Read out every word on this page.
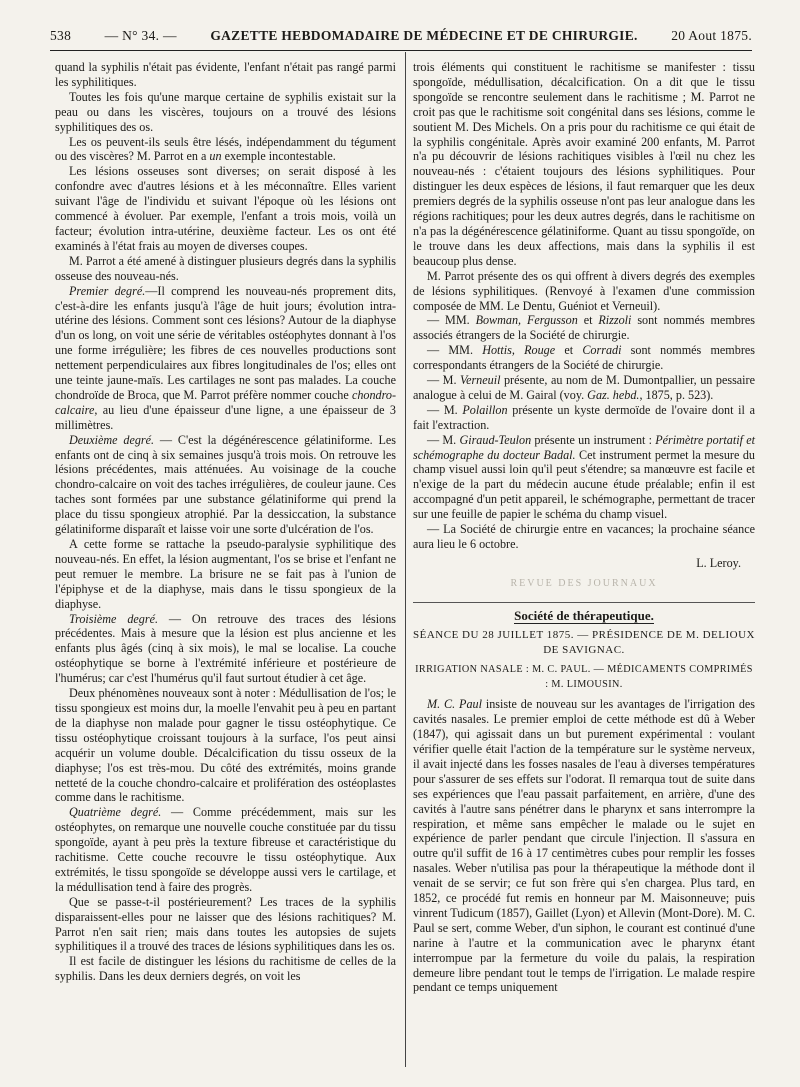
538 — N° 34. — GAZETTE HEBDOMADAIRE DE MÉDECINE ET DE CHIRURGIE. 20 Aout 1875.

quand la syphilis n'était pas évidente, l'enfant n'était pas rangé parmi les syphilitiques.

Toutes les fois qu'une marque certaine de syphilis existait sur la peau ou dans les viscères, toujours on a trouvé des lésions syphilitiques des os.

Les os peuvent-ils seuls être lésés, indépendamment du tégument ou des viscères? M. Parrot en a un exemple incontestable.

Les lésions osseuses sont diverses; on serait disposé à les confondre avec d'autres lésions et à les méconnaître. Elles varient suivant l'âge de l'individu et suivant l'époque où les lésions ont commencé à évoluer. Par exemple, l'enfant a trois mois, voilà un facteur; évolution intra-utérine, deuxième facteur. Les os ont été examinés à l'état frais au moyen de diverses coupes.

M. Parrot a été amené à distinguer plusieurs degrés dans la syphilis osseuse des nouveau-nés.

Premier degré.—Il comprend les nouveau-nés proprement dits, c'est-à-dire les enfants jusqu'à l'âge de huit jours; évolution intra-utérine des lésions. Comment sont ces lésions? Autour de la diaphyse d'un os long, on voit une série de véritables ostéophytes donnant à l'os une forme irrégulière; les fibres de ces nouvelles productions sont nettement perpendiculaires aux fibres longitudinales de l'os; elles ont une teinte jaune-maïs. Les cartilages ne sont pas malades. La couche chondroïde de Broca, que M. Parrot préfère nommer couche chondro-calcaire, au lieu d'une épaisseur d'une ligne, a une épaisseur de 3 millimètres.

Deuxième degré. — C'est la dégénérescence gélatiniforme. Les enfants ont de cinq à six semaines jusqu'à trois mois. On retrouve les lésions précédentes, mais atténuées. Au voisinage de la couche chondro-calcaire on voit des taches irrégulières, de couleur jaune. Ces taches sont formées par une substance gélatiniforme qui prend la place du tissu spongieux atrophié. Par la dessiccation, la substance gélatiniforme disparaît et laisse voir une sorte d'ulcération de l'os.

A cette forme se rattache la pseudo-paralysie syphilitique des nouveau-nés. En effet, la lésion augmentant, l'os se brise et l'enfant ne peut remuer le membre. La brisure ne se fait pas à l'union de l'épiphyse et de la diaphyse, mais dans le tissu spongieux de la diaphyse.

Troisième degré. — On retrouve des traces des lésions précédentes. Mais à mesure que la lésion est plus ancienne et les enfants plus âgés (cinq à six mois), le mal se localise. La couche ostéophytique se borne à l'extrémité inférieure et postérieure de l'humérus; car c'est l'humérus qu'il faut surtout étudier à cet âge.

Deux phénomènes nouveaux sont à noter : Médullisation de l'os; le tissu spongieux est moins dur, la moelle l'envahit peu à peu en partant de la diaphyse non malade pour gagner le tissu ostéophytique. Ce tissu ostéophytique croissant toujours à la surface, l'os peut ainsi acquérir un volume double. Décalcification du tissu osseux de la diaphyse; l'os est très-mou. Du côté des extrémités, moins grande netteté de la couche chondro-calcaire et prolifération des ostéoplastes comme dans le rachitisme.

Quatrième degré. — Comme précédemment, mais sur les ostéophytes, on remarque une nouvelle couche constituée par du tissu spongoïde, ayant à peu près la texture fibreuse et caractéristique du rachitisme. Cette couche recouvre le tissu ostéophytique. Aux extrémités, le tissu spongoïde se développe aussi vers le cartilage, et la médullisation tend à faire des progrès.

Que se passe-t-il postérieurement? Les traces de la syphilis disparaissent-elles pour ne laisser que des lésions rachitiques? M. Parrot n'en sait rien; mais dans toutes les autopsies de sujets syphilitiques il a trouvé des traces de lésions syphilitiques dans les os.

Il est facile de distinguer les lésions du rachitisme de celles de la syphilis. Dans les deux derniers degrés, on voit les

trois éléments qui constituent le rachitisme se manifester : tissu spongoïde, médullisation, décalcification. On a dit que le tissu spongoïde se rencontre seulement dans le rachitisme ; M. Parrot ne croit pas que le rachitisme soit congénital dans ses lésions, comme le soutient M. Des Michels. On a pris pour du rachitisme ce qui était de la syphilis congénitale. Après avoir examiné 200 enfants, M. Parrot n'a pu découvrir de lésions rachitiques visibles à l'œil nu chez les nouveau-nés : c'étaient toujours des lésions syphilitiques. Pour distinguer les deux espèces de lésions, il faut remarquer que les deux premiers degrés de la syphilis osseuse n'ont pas leur analogue dans les régions rachitiques; pour les deux autres degrés, dans le rachitisme on n'a pas la dégénérescence gélatiniforme. Quant au tissu spongoïde, on le trouve dans les deux affections, mais dans la syphilis il est beaucoup plus dense.

M. Parrot présente des os qui offrent à divers degrés des exemples de lésions syphilitiques. (Renvoyé à l'examen d'une commission composée de MM. Le Dentu, Guéniot et Verneuil).

— MM. Bowman, Fergusson et Rizzoli sont nommés membres associés étrangers de la Société de chirurgie.

— MM. Hottis, Rouge et Corradi sont nommés membres correspondants étrangers de la Société de chirurgie.

— M. Verneuil présente, au nom de M. Dumontpallier, un pessaire analogue à celui de M. Gairal (voy. Gaz. hebd., 1875, p. 523).

— M. Polaillon présente un kyste dermoïde de l'ovaire dont il a fait l'extraction.

— M. Giraud-Teulon présente un instrument : Périmètre portatif et schémographe du docteur Badal. Cet instrument permet la mesure du champ visuel aussi loin qu'il peut s'étendre; sa manœuvre est facile et n'exige de la part du médecin aucune étude préalable; enfin il est accompagné d'un petit appareil, le schémographe, permettant de tracer sur une feuille de papier le schéma du champ visuel.

— La Société de chirurgie entre en vacances; la prochaine séance aura lieu le 6 octobre.

L. Leroy.

REVUE DES JOURNAUX
Société de thérapeutique.
SÉANCE DU 28 JUILLET 1875. — PRÉSIDENCE DE M. DELIOUX DE SAVIGNAC.
IRRIGATION NASALE : M. C. PAUL. — MÉDICAMENTS COMPRIMÉS : M. LIMOUSIN.

M. C. Paul insiste de nouveau sur les avantages de l'irrigation des cavités nasales. Le premier emploi de cette méthode est dû à Weber (1847), qui agissait dans un but purement expérimental : voulant vérifier quelle était l'action de la température sur le système nerveux, il avait injecté dans les fosses nasales de l'eau à diverses températures pour s'assurer de ses effets sur l'odorat. Il remarqua tout de suite dans ses expériences que l'eau passait parfaitement, en arrière, d'une des cavités à l'autre sans pénétrer dans le pharynx et sans interrompre la respiration, et même sans empêcher le malade ou le sujet en expérience de parler pendant que circule l'injection. Il s'assura en outre qu'il suffit de 16 à 17 centimètres cubes pour remplir les fosses nasales. Weber n'utilisa pas pour la thérapeutique la méthode dont il venait de se servir; ce fut son frère qui s'en chargea. Plus tard, en 1852, ce procédé fut remis en honneur par M. Maisonneuve; puis vinrent Tudicum (1857), Gaillet (Lyon) et Allevin (Mont-Dore). M. C. Paul se sert, comme Weber, d'un siphon, le courant est continué d'une narine à l'autre et la communication avec le pharynx étant interrompue par la fermeture du voile du palais, la respiration demeure libre pendant tout le temps de l'irrigation. Le malade respire pendant ce temps uniquement
